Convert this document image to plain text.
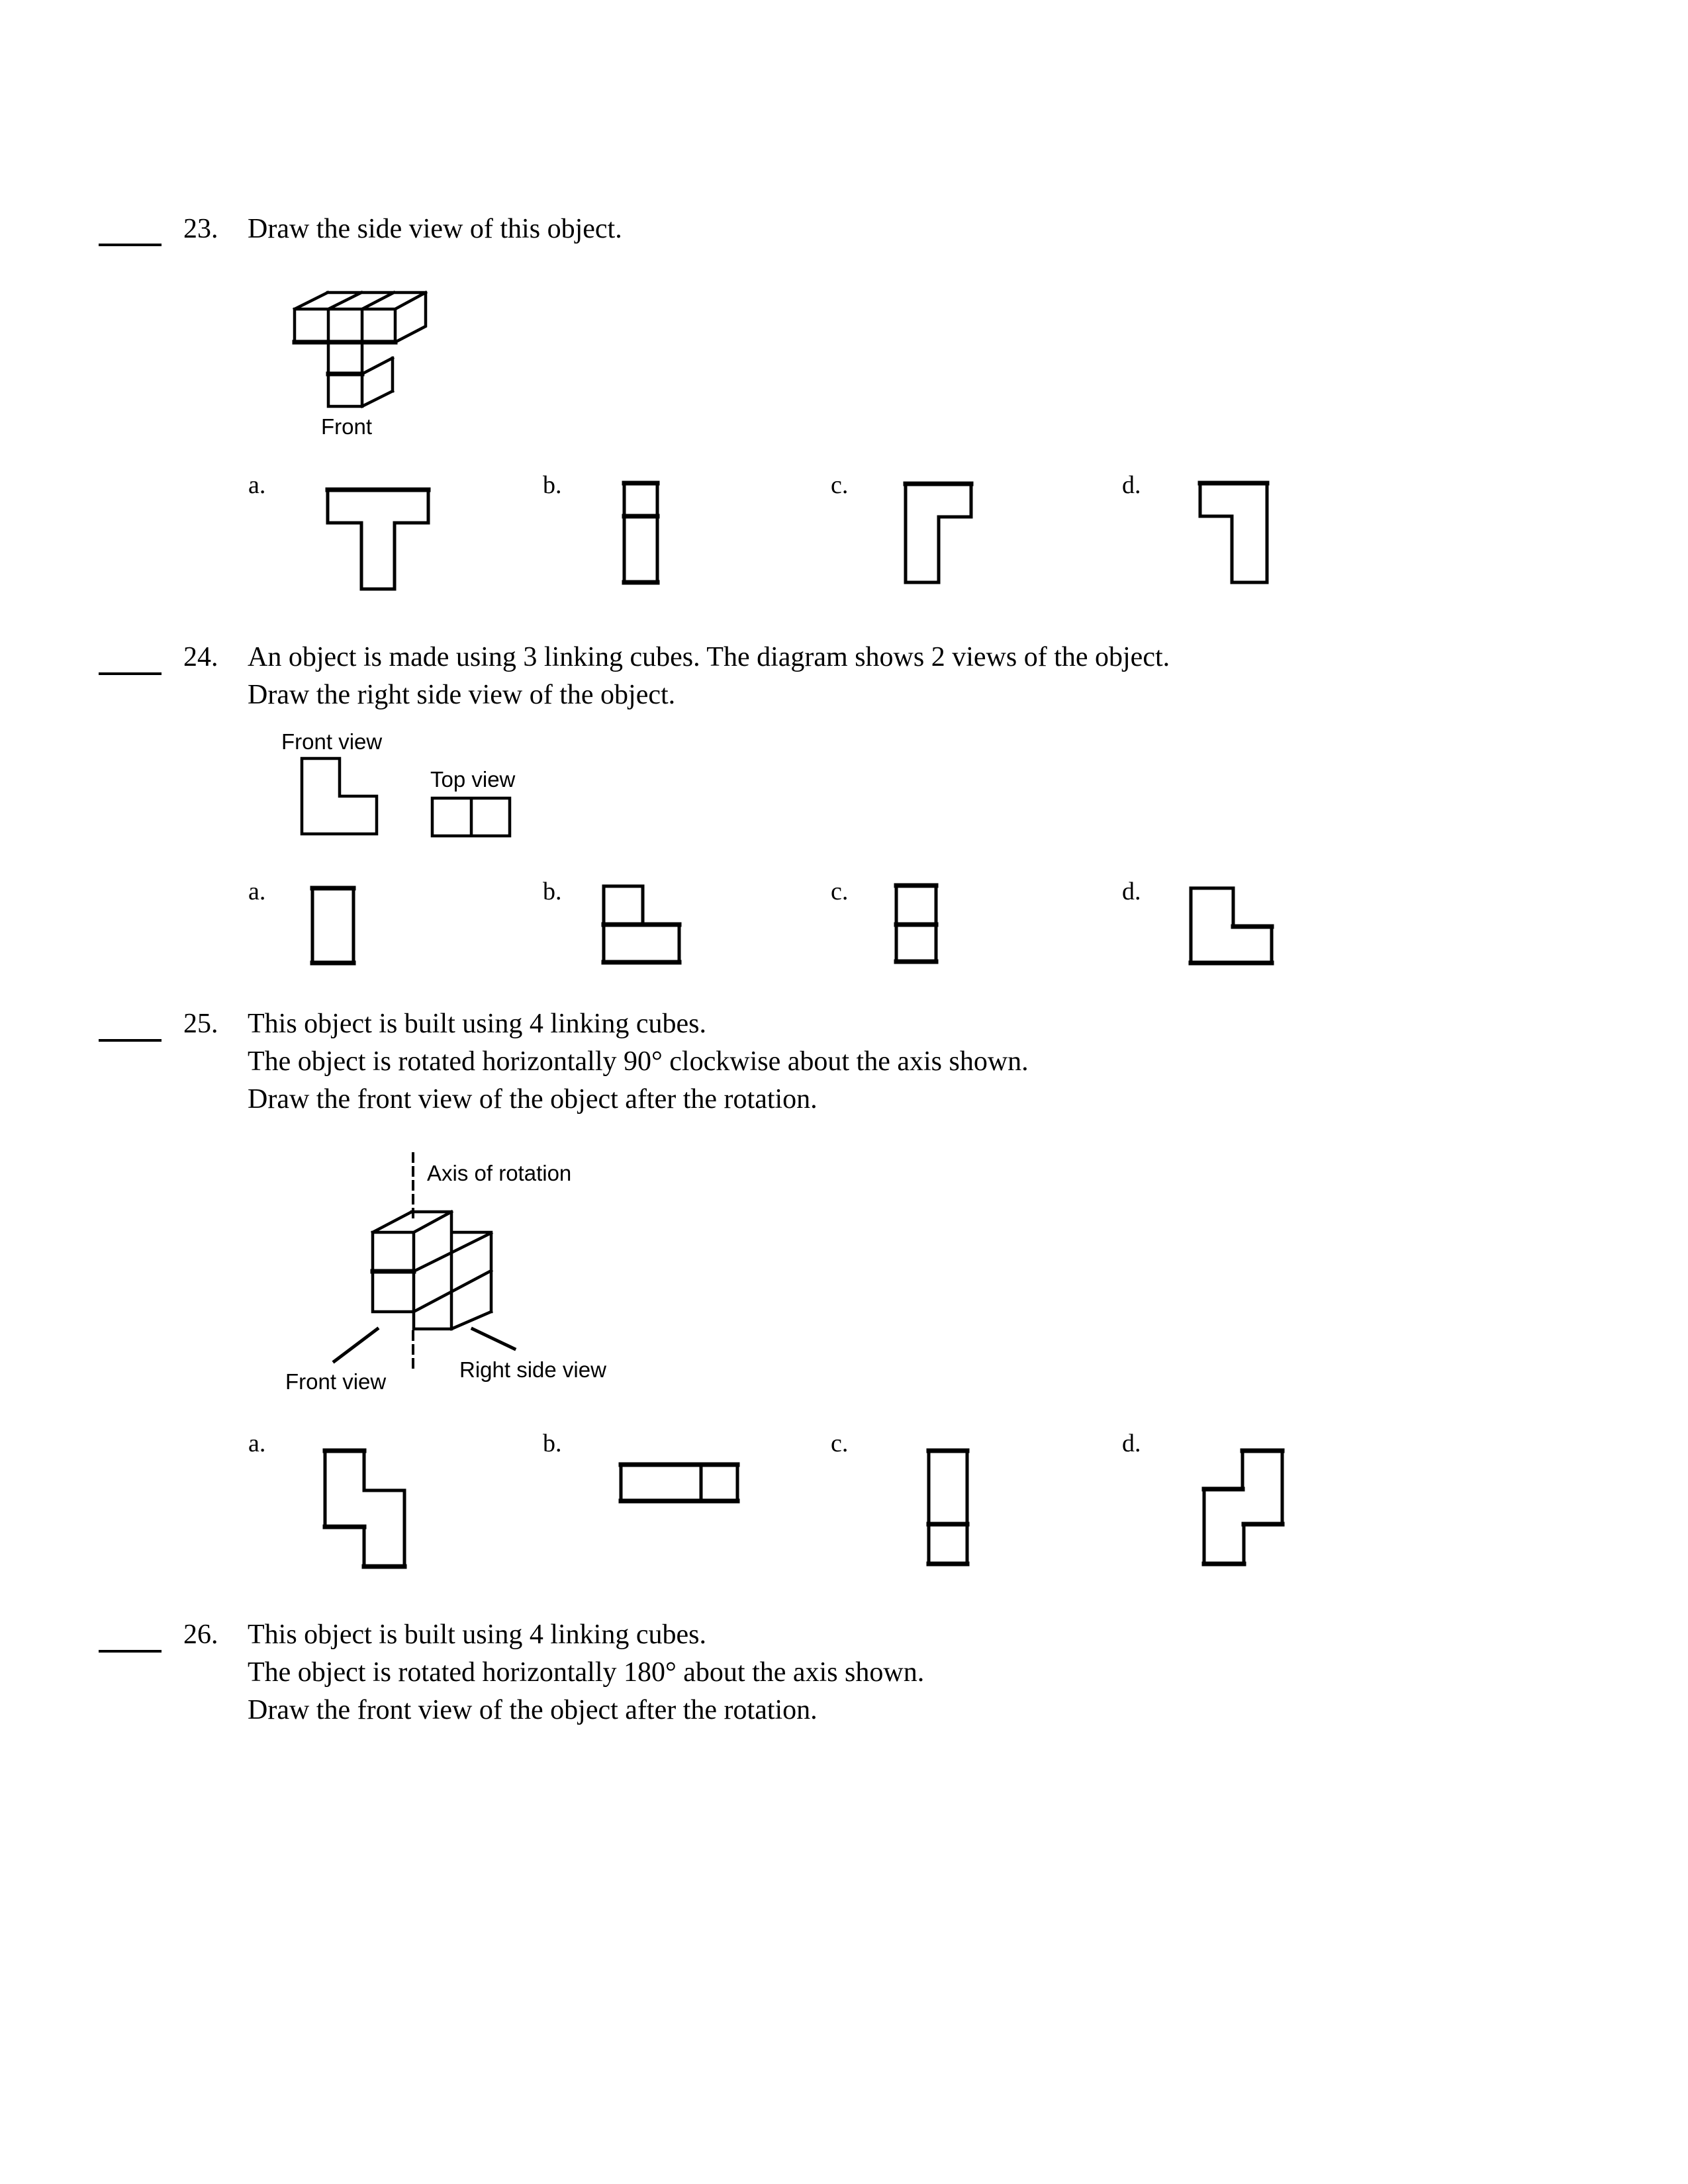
23. Draw the side view of this object.
Front
a.	b.	c.	d.
24. An object is made using 3 linking cubes. The diagram shows 2 views of the object.
Draw the right side view of the object.
Front view
Top view
a.	b.	c.	d.
25. This object is built using 4 linking cubes.
The object is rotated horizontally 90° clockwise about the axis shown.
Draw the front view of the object after the rotation.
Axis of rotation
Front view	Right side view
a.	b.	c.	d.
26. This object is built using 4 linking cubes.
The object is rotated horizontally 180° about the axis shown.
Draw the front view of the object after the rotation.
